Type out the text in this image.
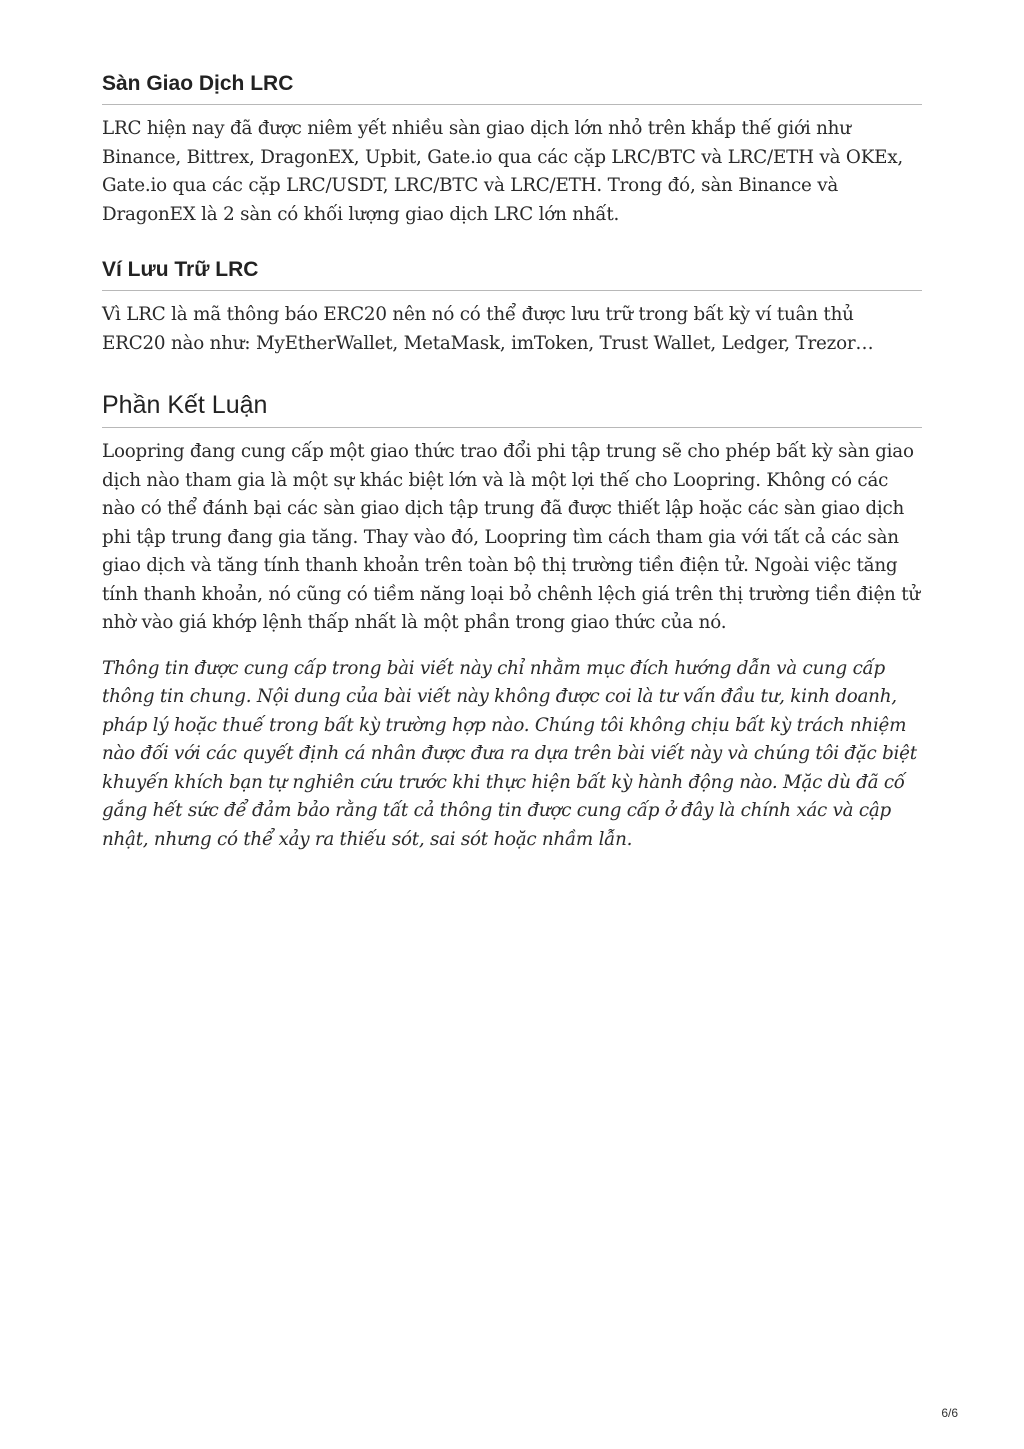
Sàn Giao Dịch LRC

LRC hiện nay đã được niêm yết nhiều sàn giao dịch lớn nhỏ trên khắp thế giới như Binance, Bittrex, DragonEX, Upbit, Gate.io qua các cặp LRC/BTC và LRC/ETH và OKEx, Gate.io qua các cặp LRC/USDT, LRC/BTC và LRC/ETH. Trong đó, sàn Binance và DragonEX là 2 sàn có khối lượng giao dịch LRC lớn nhất.

Ví Lưu Trữ LRC

Vì LRC là mã thông báo ERC20 nên nó có thể được lưu trữ trong bất kỳ ví tuân thủ ERC20 nào như: MyEtherWallet, MetaMask, imToken, Trust Wallet, Ledger, Trezor…

Phần Kết Luận

Loopring đang cung cấp một giao thức trao đổi phi tập trung sẽ cho phép bất kỳ sàn giao dịch nào tham gia là một sự khác biệt lớn và là một lợi thế cho Loopring. Không có các nào có thể đánh bại các sàn giao dịch tập trung đã được thiết lập hoặc các sàn giao dịch phi tập trung đang gia tăng. Thay vào đó, Loopring tìm cách tham gia với tất cả các sàn giao dịch và tăng tính thanh khoản trên toàn bộ thị trường tiền điện tử. Ngoài việc tăng tính thanh khoản, nó cũng có tiềm năng loại bỏ chênh lệch giá trên thị trường tiền điện tử nhờ vào giá khớp lệnh thấp nhất là một phần trong giao thức của nó.

Thông tin được cung cấp trong bài viết này chỉ nhằm mục đích hướng dẫn và cung cấp thông tin chung. Nội dung của bài viết này không được coi là tư vấn đầu tư, kinh doanh, pháp lý hoặc thuế trong bất kỳ trường hợp nào. Chúng tôi không chịu bất kỳ trách nhiệm nào đối với các quyết định cá nhân được đưa ra dựa trên bài viết này và chúng tôi đặc biệt khuyến khích bạn tự nghiên cứu trước khi thực hiện bất kỳ hành động nào. Mặc dù đã cố gắng hết sức để đảm bảo rằng tất cả thông tin được cung cấp ở đây là chính xác và cập nhật, nhưng có thể xảy ra thiếu sót, sai sót hoặc nhầm lẫn.

6/6
